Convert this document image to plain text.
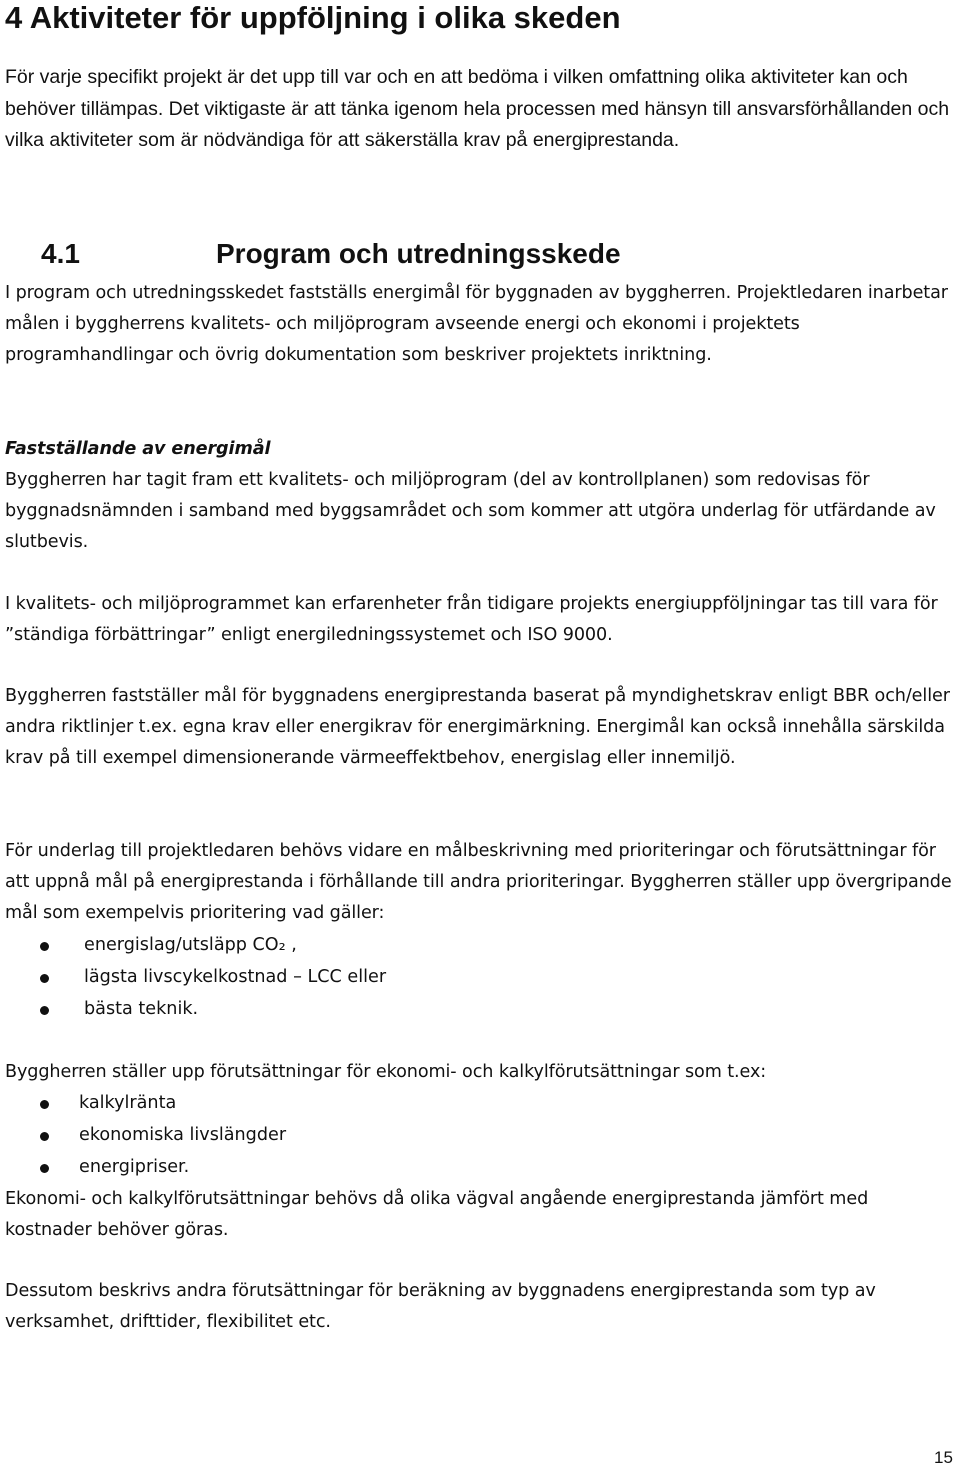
4 Aktiviteter för uppföljning i olika skeden

För varje specifikt projekt är det upp till var och en att bedöma i vilken omfattning olika aktiviteter kan och behöver tillämpas. Det viktigaste är att tänka igenom hela processen med hänsyn till ansvarsförhållanden och vilka aktiviteter som är nödvändiga för att säkerställa krav på energiprestanda.

4.1	Program och utredningsskede

I program och utredningsskedet fastställs energimål för byggnaden av byggherren. Projektledaren inarbetar målen i byggherrens kvalitets- och miljöprogram avseende energi och ekonomi i projektets programhandlingar och övrig dokumentation som beskriver projektets inriktning.

Fastställande av energimål

Byggherren har tagit fram ett kvalitets- och miljöprogram (del av kontrollplanen) som redovisas för byggnadsnämnden i samband med byggsamrådet och som kommer att utgöra underlag för utfärdande av slutbevis.

I kvalitets- och miljöprogrammet kan erfarenheter från tidigare projekts energiuppföljningar tas till vara för ”ständiga förbättringar” enligt energiledningssystemet och ISO 9000.

Byggherren fastställer mål för byggnadens energiprestanda baserat på myndighetskrav enligt BBR och/eller andra riktlinjer t.ex. egna krav eller energikrav för energimärkning. Energimål kan också innehålla särskilda krav på till exempel dimensionerande värmeeffektbehov, energislag eller innemiljö.

För underlag till projektledaren behövs vidare en målbeskrivning med prioriteringar och förutsättningar för att uppnå mål på energiprestanda i förhållande till andra prioriteringar. Byggherren ställer upp övergripande mål som exempelvis prioritering vad gäller:

energislag/utsläpp CO₂ ,
lägsta livscykelkostnad – LCC eller
bästa teknik.

Byggherren ställer upp förutsättningar för ekonomi- och kalkylförutsättningar som t.ex:

kalkylränta
ekonomiska livslängder
energipriser.

Ekonomi- och kalkylförutsättningar behövs då olika vägval angående energiprestanda jämfört med kostnader behöver göras.

Dessutom beskrivs andra förutsättningar för beräkning av byggnadens energiprestanda som typ av verksamhet, drifttider, flexibilitet etc.

15
